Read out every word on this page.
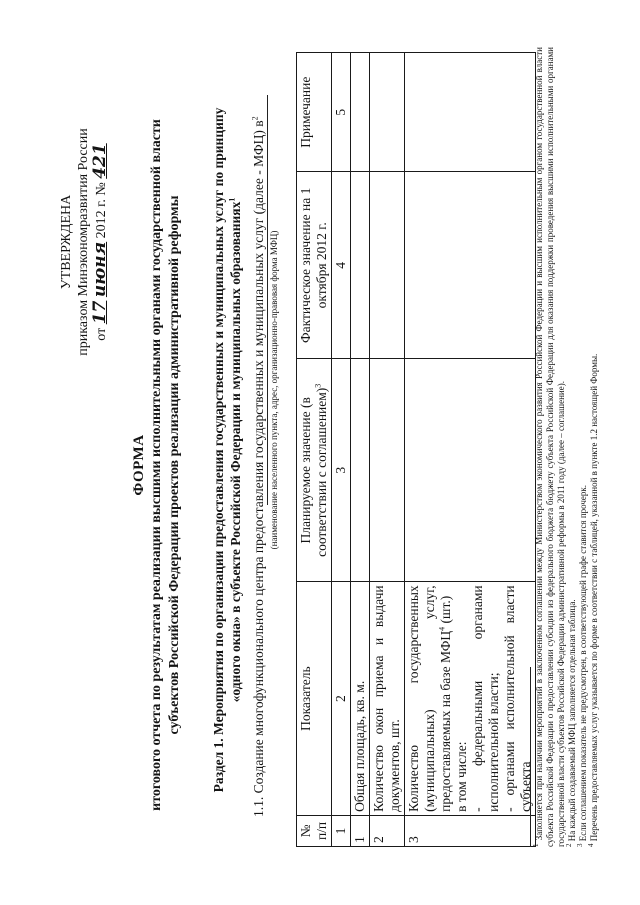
УТВЕРЖДЕНА приказом Минэкономразвития России от 17 июня 2012 г. № 421
ФОРМА итогового отчета по результатам реализации высшими исполнительными органами государственной власти субъектов Российской Федерации проектов реализации административной реформы Раздел 1. Мероприятия по организации предоставления государственных и муниципальных услуг по принципу «одного окна» в субъекте Российской Федерации и муниципальных образованиях$^1$	1.1. Создание многофункционального центра предоставления государственных и муниципальных услуг (далее - МФЦ) $в^2$
(наименование населенного пункта, адрес, организационно-правовая форма МФЦ)
№ п/п	Показатель	Планируемое значение (в соответствии с соглашением)$^3$	Фактическое значение на 1 октября 2012 г.	Примечание
1	2	3	4	5
1	Общая площадь, кв. м.			
2	Количество окон приема и выдачи документов, шт.			
3	Количество государственных (муниципальных) услуг, предоставляемых на базе МФЦ$^4$ (шт.)
в том числе:
- федеральными органами исполнительной власти;
- органами исполнительной власти субъекта			

$^1$ Заполняется при наличии мероприятий в заключенном соглашении между Министерством экономического развития Российской Федерации и высшим исполнительным органом государственной власти субъекта Российской Федерации о предоставлении субсидии из федерального бюджета бюджету субъекта Российской Федерации для оказания поддержки проведения высшими исполнительными органами государственной власти субъектов Российской Федерации административной реформы в 2011 году (далее – соглашение). $^2$ На каждый создаваемый МФЦ заполняется отдельная таблица.

$^3$ Если соглашением показатель не предусмотрен, в соответствующей графе ставится прочерк.

$^4$ Перечень предоставляемых услуг указывается по форме в соответствии с таблицей, указанной в пункте 1.2 настоящей Формы.
